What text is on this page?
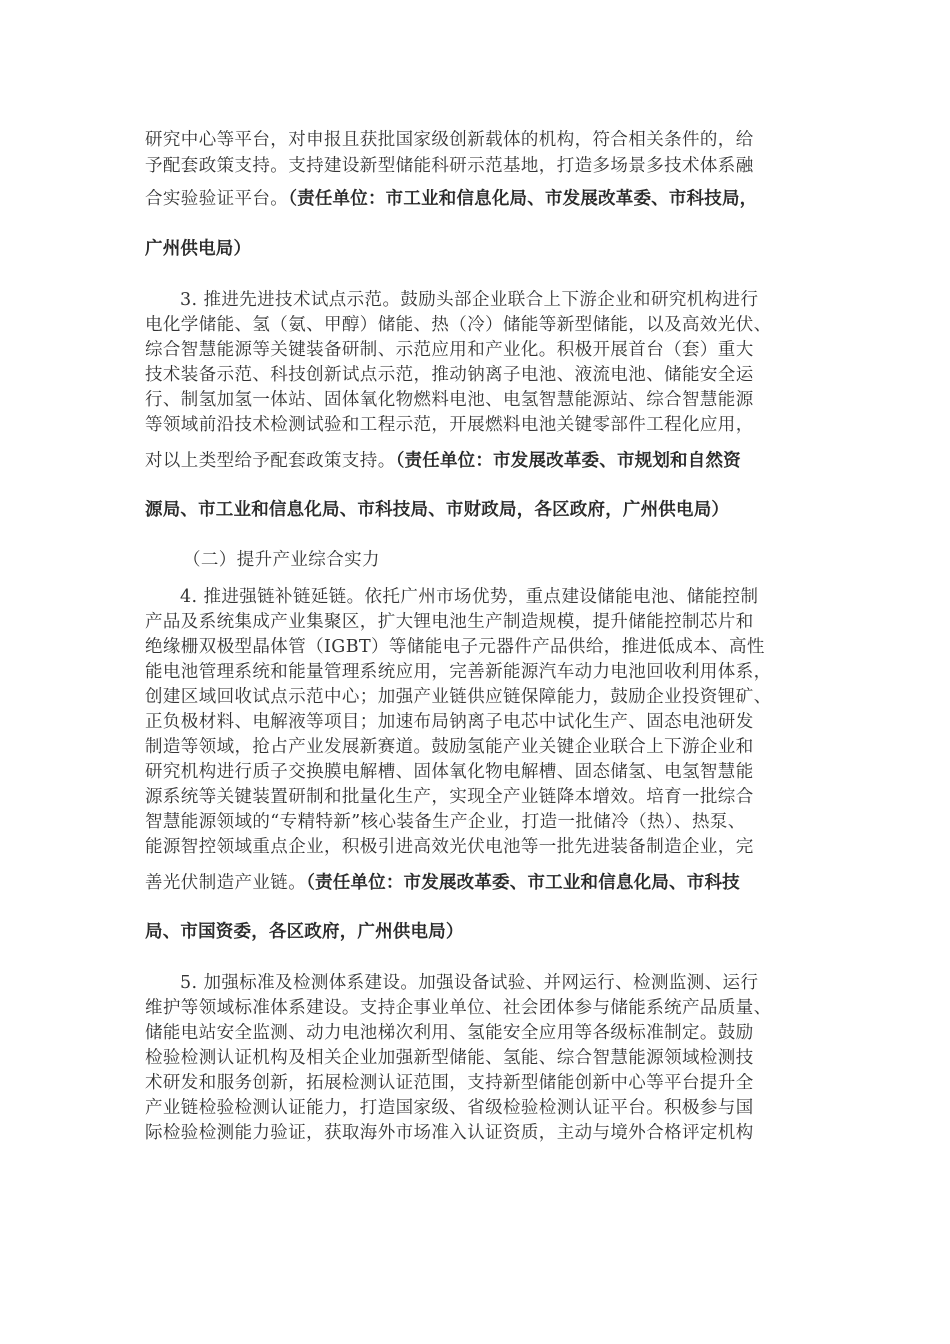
研究中心等平台，对申报且获批国家级创新载体的机构，符合相关条件的，给
予配套政策支持。支持建设新型储能科研示范基地，打造多场景多技术体系融
合实验验证平台。（责任单位：市工业和信息化局、市发展改革委、市科技局，
广州供电局）
3. 推进先进技术试点示范。鼓励头部企业联合上下游企业和研究机构进行
电化学储能、氢（氨、甲醇）储能、热（冷）储能等新型储能，以及高效光伏、
综合智慧能源等关键装备研制、示范应用和产业化。积极开展首台（套）重大
技术装备示范、科技创新试点示范，推动钠离子电池、液流电池、储能安全运
行、制氢加氢一体站、固体氧化物燃料电池、电氢智慧能源站、综合智慧能源
等领域前沿技术检测试验和工程示范，开展燃料电池关键零部件工程化应用，
对以上类型给予配套政策支持。（责任单位：市发展改革委、市规划和自然资
源局、市工业和信息化局、市科技局、市财政局，各区政府，广州供电局）
（二）提升产业综合实力
4. 推进强链补链延链。依托广州市场优势，重点建设储能电池、储能控制
产品及系统集成产业集聚区，扩大锂电池生产制造规模，提升储能控制芯片和
绝缘栅双极型晶体管（IGBT）等储能电子元器件产品供给，推进低成本、高性
能电池管理系统和能量管理系统应用，完善新能源汽车动力电池回收利用体系，
创建区域回收试点示范中心；加强产业链供应链保障能力，鼓励企业投资锂矿、
正负极材料、电解液等项目；加速布局钠离子电芯中试化生产、固态电池研发
制造等领域，抢占产业发展新赛道。鼓励氢能产业关键企业联合上下游企业和
研究机构进行质子交换膜电解槽、固体氧化物电解槽、固态储氢、电氢智慧能
源系统等关键装置研制和批量化生产，实现全产业链降本增效。培育一批综合
智慧能源领域的“专精特新”核心装备生产企业，打造一批储冷（热）、热泵、
能源智控领域重点企业，积极引进高效光伏电池等一批先进装备制造企业，完
善光伏制造产业链。（责任单位：市发展改革委、市工业和信息化局、市科技
局、市国资委，各区政府，广州供电局）
5. 加强标准及检测体系建设。加强设备试验、并网运行、检测监测、运行
维护等领域标准体系建设。支持企事业单位、社会团体参与储能系统产品质量、
储能电站安全监测、动力电池梯次利用、氢能安全应用等各级标准制定。鼓励
检验检测认证机构及相关企业加强新型储能、氢能、综合智慧能源领域检测技
术研发和服务创新，拓展检测认证范围，支持新型储能创新中心等平台提升全
产业链检验检测认证能力，打造国家级、省级检验检测认证平台。积极参与国
际检验检测能力验证，获取海外市场准入认证资质，主动与境外合格评定机构
